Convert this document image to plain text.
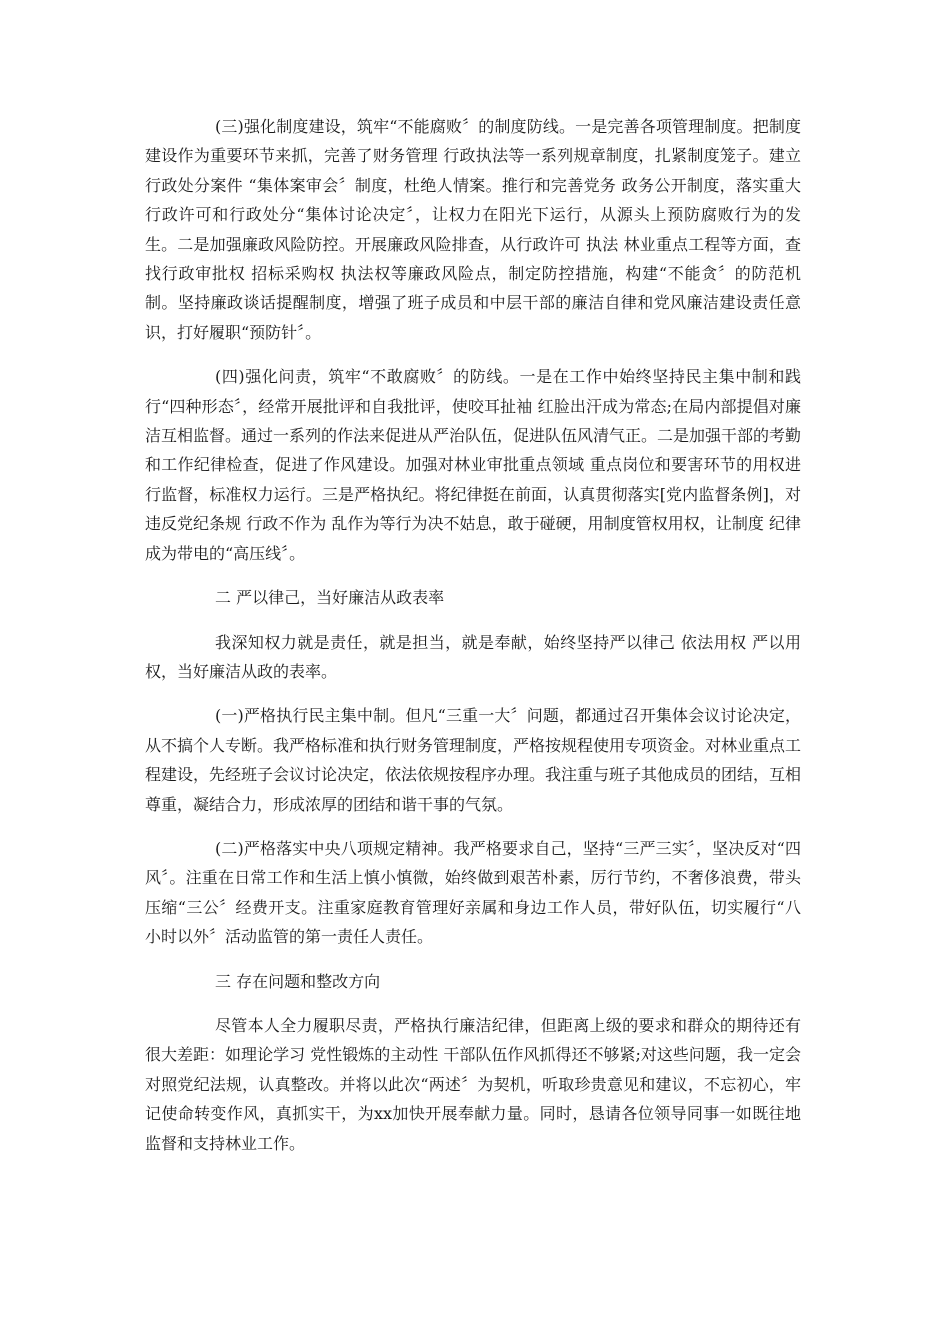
(三)强化制度建设，筑牢“不能腐败〞的制度防线。一是完善各项管理制度。把制度建设作为重要环节来抓，完善了财务管理 行政执法等一系列规章制度，扎紧制度笼子。建立行政处分案件 “集体案审会〞制度，杜绝人情案。推行和完善党务 政务公开制度，落实重大行政许可和行政处分“集体讨论决定〞，让权力在阳光下运行，从源头上预防腐败行为的发生。二是加强廉政风险防控。开展廉政风险排查，从行政许可 执法 林业重点工程等方面，查找行政审批权 招标采购权 执法权等廉政风险点，制定防控措施，构建“不能贪〞的防范机制。坚持廉政谈话提醒制度，增强了班子成员和中层干部的廉洁自律和党风廉洁建设责任意识，打好履职“预防针〞。

(四)强化问责，筑牢“不敢腐败〞的防线。一是在工作中始终坚持民主集中制和践行“四种形态〞，经常开展批评和自我批评，使咬耳扯袖 红脸出汗成为常态;在局内部提倡对廉洁互相监督。通过一系列的作法来促进从严治队伍，促进队伍风清气正。二是加强干部的考勤和工作纪律检查，促进了作风建设。加强对林业审批重点领域 重点岗位和要害环节的用权进行监督，标准权力运行。三是严格执纪。将纪律挺在前面，认真贯彻落实[党内监督条例]，对违反党纪条规 行政不作为 乱作为等行为决不姑息，敢于碰硬，用制度管权用权，让制度 纪律成为带电的“高压线〞。

二 严以律己，当好廉洁从政表率

我深知权力就是责任，就是担当，就是奉献，始终坚持严以律己 依法用权 严以用权，当好廉洁从政的表率。

(一)严格执行民主集中制。但凡“三重一大〞问题，都通过召开集体会议讨论决定，从不搞个人专断。我严格标准和执行财务管理制度，严格按规程使用专项资金。对林业重点工程建设，先经班子会议讨论决定，依法依规按程序办理。我注重与班子其他成员的团结，互相尊重，凝结合力，形成浓厚的团结和谐干事的气氛。

(二)严格落实中央八项规定精神。我严格要求自己，坚持“三严三实〞，坚决反对“四风〞。注重在日常工作和生活上慎小慎微，始终做到艰苦朴素，厉行节约，不奢侈浪费，带头压缩“三公〞经费开支。注重家庭教育管理好亲属和身边工作人员，带好队伍，切实履行“八小时以外〞活动监管的第一责任人责任。

三 存在问题和整改方向

尽管本人全力履职尽责，严格执行廉洁纪律，但距离上级的要求和群众的期待还有很大差距：如理论学习 党性锻炼的主动性 干部队伍作风抓得还不够紧;对这些问题，我一定会对照党纪法规，认真整改。并将以此次“两述〞为契机，听取珍贵意见和建议，不忘初心，牢记使命转变作风，真抓实干，为xx加快开展奉献力量。同时，恳请各位领导同事一如既往地监督和支持林业工作。
